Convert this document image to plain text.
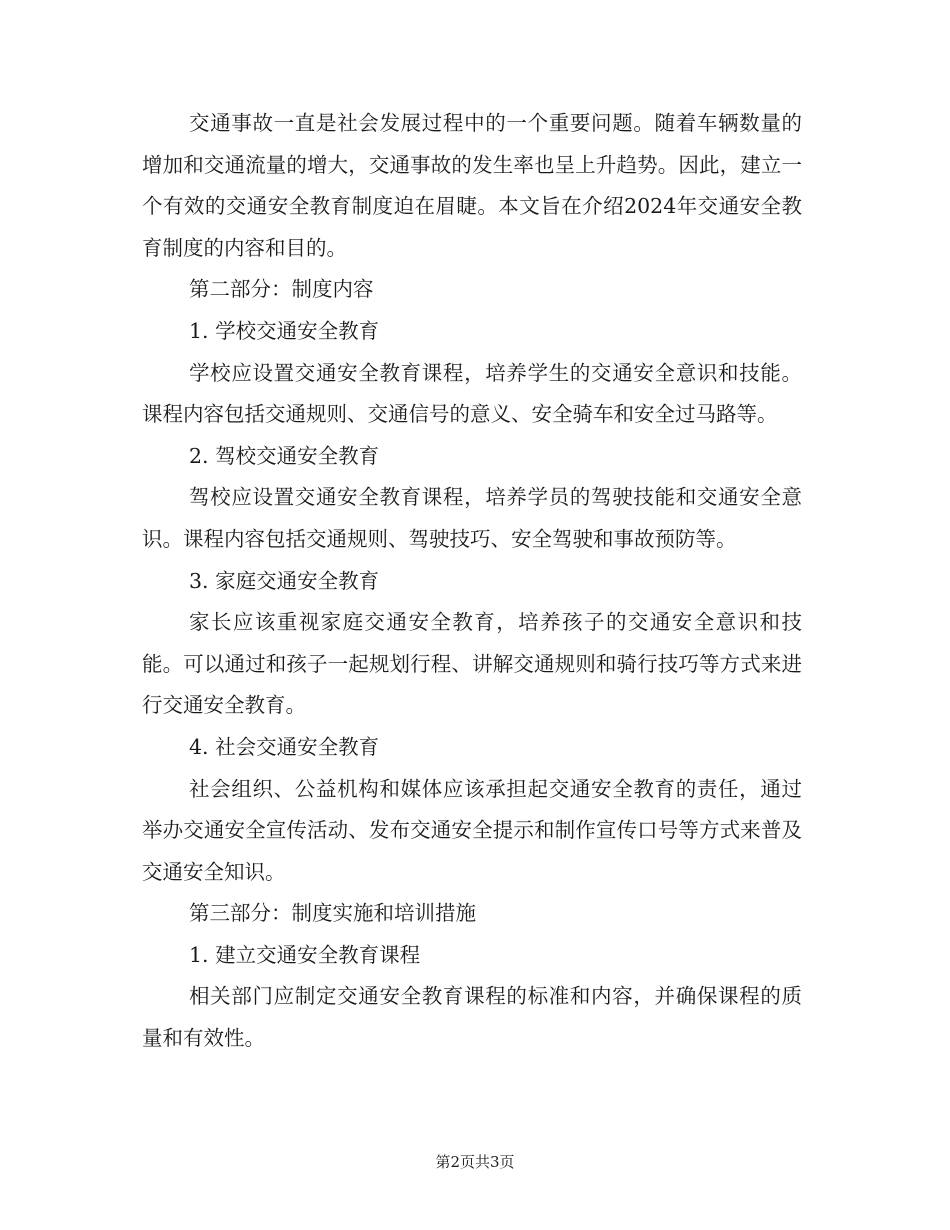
交通事故一直是社会发展过程中的一个重要问题。随着车辆数量的增加和交通流量的增大，交通事故的发生率也呈上升趋势。因此，建立一个有效的交通安全教育制度迫在眉睫。本文旨在介绍2024年交通安全教育制度的内容和目的。

第二部分：制度内容

1. 学校交通安全教育

学校应设置交通安全教育课程，培养学生的交通安全意识和技能。课程内容包括交通规则、交通信号的意义、安全骑车和安全过马路等。

2. 驾校交通安全教育

驾校应设置交通安全教育课程，培养学员的驾驶技能和交通安全意识。课程内容包括交通规则、驾驶技巧、安全驾驶和事故预防等。

3. 家庭交通安全教育

家长应该重视家庭交通安全教育，培养孩子的交通安全意识和技能。可以通过和孩子一起规划行程、讲解交通规则和骑行技巧等方式来进行交通安全教育。

4. 社会交通安全教育

社会组织、公益机构和媒体应该承担起交通安全教育的责任，通过举办交通安全宣传活动、发布交通安全提示和制作宣传口号等方式来普及交通安全知识。

第三部分：制度实施和培训措施

1. 建立交通安全教育课程

相关部门应制定交通安全教育课程的标准和内容，并确保课程的质量和有效性。

第2页共3页
